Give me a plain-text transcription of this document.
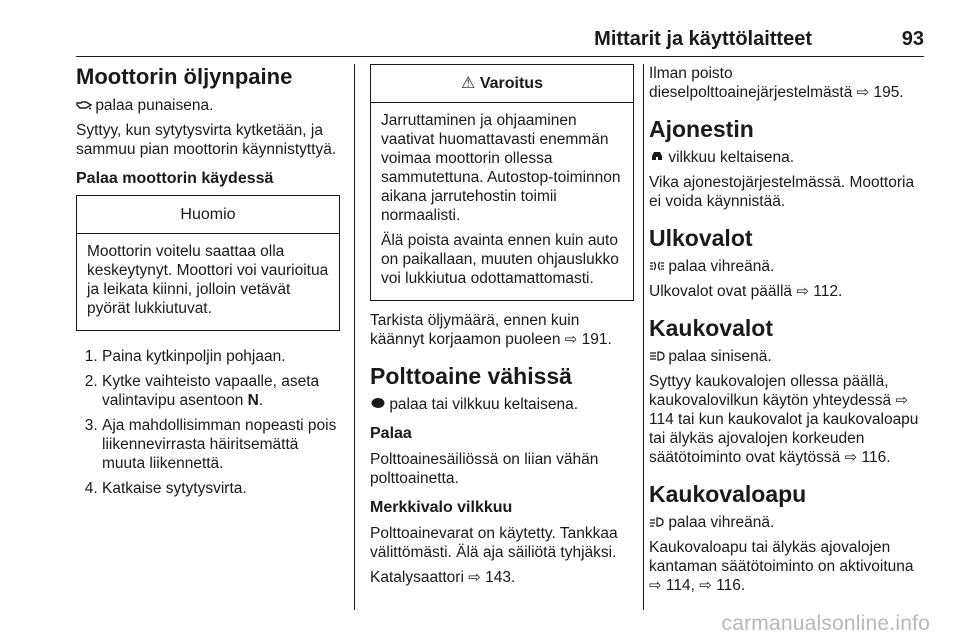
Mittarit ja käyttölaitteet	93
Moottorin öljynpaine

palaa punaisena.

Syttyy, kun sytytysvirta kytketään, ja sammuu pian moottorin käynnistyttyä.

Palaa moottorin käydessä
Huomio

Moottorin voitelu saattaa olla keskeytynyt. Moottori voi vaurioitua ja leikata kiinni, jolloin vetävät pyörät lukkiutuvat.

1. Paina kytkinpoljin pohjaan.
2. Kytke vaihteisto vapaalle, aseta valintavipu asentoon N.
3. Aja mahdollisimman nopeasti pois liikennevirrasta häiritsemättä muuta liikennettä.
4. Katkaise sytytysvirta.
⚠ Varoitus

Jarruttaminen ja ohjaaminen vaativat huomattavasti enemmän voimaa moottorin ollessa sammutettuna. Autostop-toiminnon aikana jarrutehostin toimii normaalisti.

Älä poista avainta ennen kuin auto on paikallaan, muuten ohjauslukko voi lukkiutua odottamattomasti.

Tarkista öljymäärä, ennen kuin käännyt korjaamon puoleen ⇨ 191.

Polttoaine vähissä

palaa tai vilkkuu keltaisena.

Palaa

Polttoainesäiliössä on liian vähän polttoainetta.

Merkkivalo vilkkuu

Polttoainevarat on käytetty. Tankkaa välittömästi. Älä aja säiliötä tyhjäksi.

Katalysaattori ⇨ 143.

Ilman poisto dieselpolttoainejärjestelmästä ⇨ 195.

Ajonestin

vilkkuu keltaisena.

Vika ajonestojärjestelmässä. Moottoria ei voida käynnistää.

Ulkovalot

palaa vihreänä.

Ulkovalot ovat päällä ⇨ 112.

Kaukovalot

palaa sinisenä.

Syttyy kaukovalojen ollessa päällä, kaukovalovilkun käytön yhteydessä ⇨ 114 tai kun kaukovalot ja kaukovaloapu tai älykäs ajovalojen korkeuden säätötoiminto ovat käytössä ⇨ 116.

Kaukovaloapu

palaa vihreänä.

Kaukovaloapu tai älykäs ajovalojen kantaman säätötoiminto on aktivoituna ⇨ 114, ⇨ 116.

carmanualsonline.info
